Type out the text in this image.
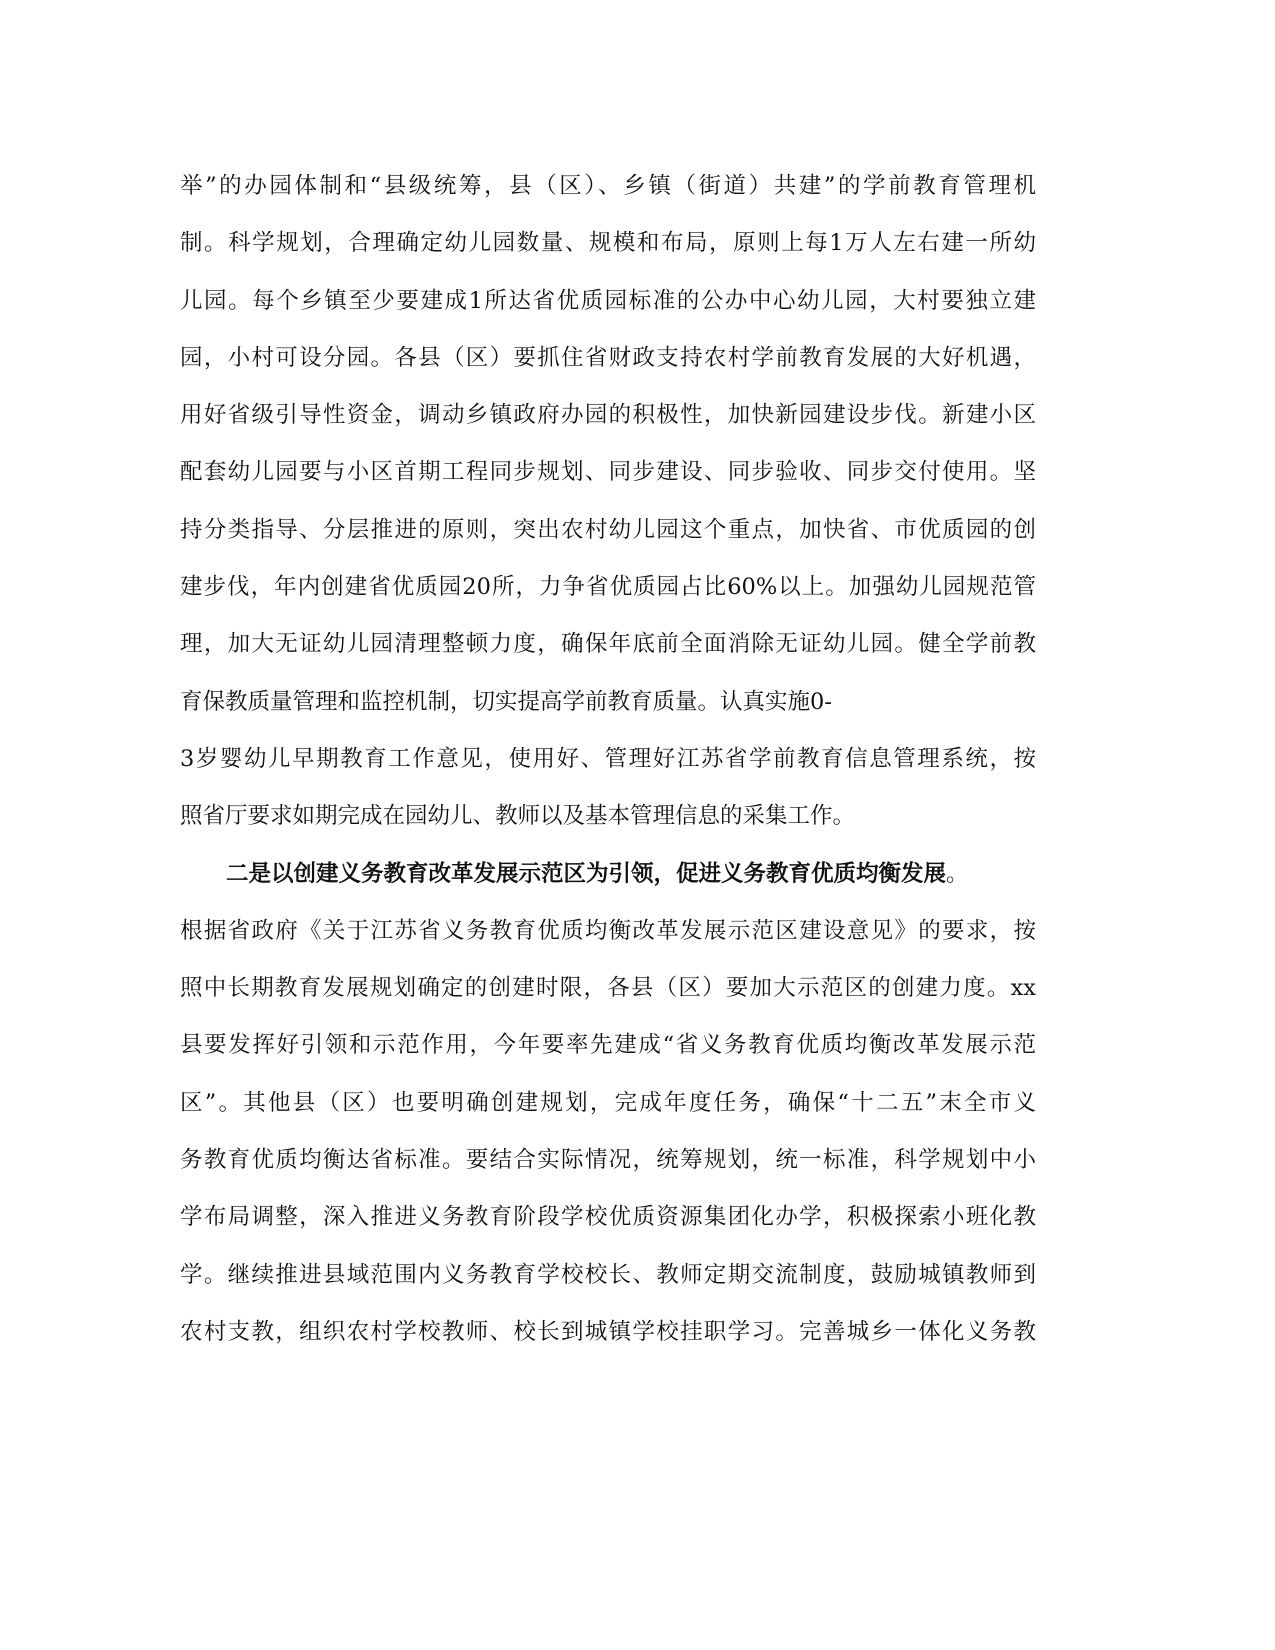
举”的办园体制和“县级统筹，县（区）、乡镇（街道）共建”的学前教育管理机
制。科学规划，合理确定幼儿园数量、规模和布局，原则上每1万人左右建一所幼
儿园。每个乡镇至少要建成1所达省优质园标准的公办中心幼儿园，大村要独立建
园，小村可设分园。各县（区）要抓住省财政支持农村学前教育发展的大好机遇，
用好省级引导性资金，调动乡镇政府办园的积极性，加快新园建设步伐。新建小区
配套幼儿园要与小区首期工程同步规划、同步建设、同步验收、同步交付使用。坚
持分类指导、分层推进的原则，突出农村幼儿园这个重点，加快省、市优质园的创
建步伐，年内创建省优质园20所，力争省优质园占比60%以上。加强幼儿园规范管
理，加大无证幼儿园清理整顿力度，确保年底前全面消除无证幼儿园。健全学前教
育保教质量管理和监控机制，切实提高学前教育质量。认真实施0-
3岁婴幼儿早期教育工作意见，使用好、管理好江苏省学前教育信息管理系统，按
照省厅要求如期完成在园幼儿、教师以及基本管理信息的采集工作。
二是以创建义务教育改革发展示范区为引领，促进义务教育优质均衡发展。
根据省政府《关于江苏省义务教育优质均衡改革发展示范区建设意见》的要求，按
照中长期教育发展规划确定的创建时限，各县（区）要加大示范区的创建力度。xx
县要发挥好引领和示范作用，今年要率先建成“省义务教育优质均衡改革发展示范
区”。其他县（区）也要明确创建规划，完成年度任务，确保“十二五”末全市义
务教育优质均衡达省标准。要结合实际情况，统筹规划，统一标准，科学规划中小
学布局调整，深入推进义务教育阶段学校优质资源集团化办学，积极探索小班化教
学。继续推进县域范围内义务教育学校校长、教师定期交流制度，鼓励城镇教师到
农村支教，组织农村学校教师、校长到城镇学校挂职学习。完善城乡一体化义务教
